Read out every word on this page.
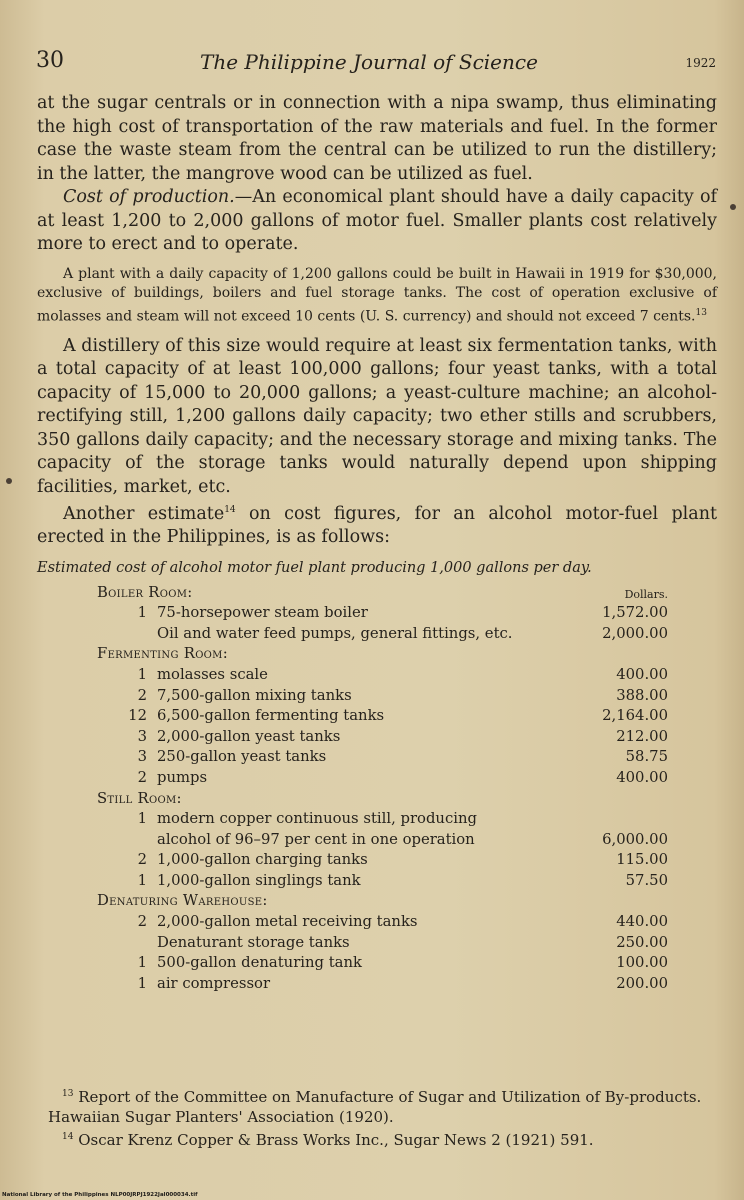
30	The Philippine Journal of Science	1922

at the sugar centrals or in connection with a nipa swamp, thus eliminating the high cost of transportation of the raw materials and fuel. In the former case the waste steam from the central can be utilized to run the distillery; in the latter, the mangrove wood can be utilized as fuel.

Cost of production.—An economical plant should have a daily capacity of at least 1,200 to 2,000 gallons of motor fuel. Smaller plants cost relatively more to erect and to operate.

A plant with a daily capacity of 1,200 gallons could be built in Hawaii in 1919 for $30,000, exclusive of buildings, boilers and fuel storage tanks. The cost of operation exclusive of molasses and steam will not exceed 10 cents (U. S. currency) and should not exceed 7 cents.$^{13}$

A distillery of this size would require at least six fermentation tanks, with a total capacity of at least 100,000 gallons; four yeast tanks, with a total capacity of 15,000 to 20,000 gallons; a yeast-culture machine; an alcohol-rectifying still, 1,200 gallons daily capacity; two ether stills and scrubbers, 350 gallons daily capacity; and the necessary storage and mixing tanks. The capacity of the storage tanks would naturally depend upon shipping facilities, market, etc.

Another estimate$^{14}$ on cost figures, for an alcohol motor-fuel plant erected in the Philippines, is as follows:

Estimated cost of alcohol motor fuel plant producing 1,000 gallons per day.

Boiler Room:	Dollars.
1 75-horsepower steam boiler	1,572.00
Oil and water feed pumps, general fittings, etc.	2,000.00
Fermenting Room:	
1 molasses scale	400.00
2 7,500-gallon mixing tanks	388.00
12 6,500-gallon fermenting tanks	2,164.00
3 2,000-gallon yeast tanks	212.00
3 250-gallon yeast tanks	58.75
2 pumps	400.00
Still Room:	
1 modern copper continuous still, producing	
alcohol of 96–97 per cent in one operation	6,000.00
2 1,000-gallon charging tanks	115.00
1 1,000-gallon singlings tank	57.50
Denaturing Warehouse:	
2 2,000-gallon metal receiving tanks	440.00
Denaturant storage tanks	250.00
1 500-gallon denaturing tank	100.00
1 air compressor	200.00

$^{13}$ Report of the Committee on Manufacture of Sugar and Utilization of By-products. Hawaiian Sugar Planters' Association (1920).

$^{14}$ Oscar Krenz Copper & Brass Works Inc., Sugar News 2 (1921) 591.

National Library of the Philippines NLP00JRPJ1922Jal000034.tif
